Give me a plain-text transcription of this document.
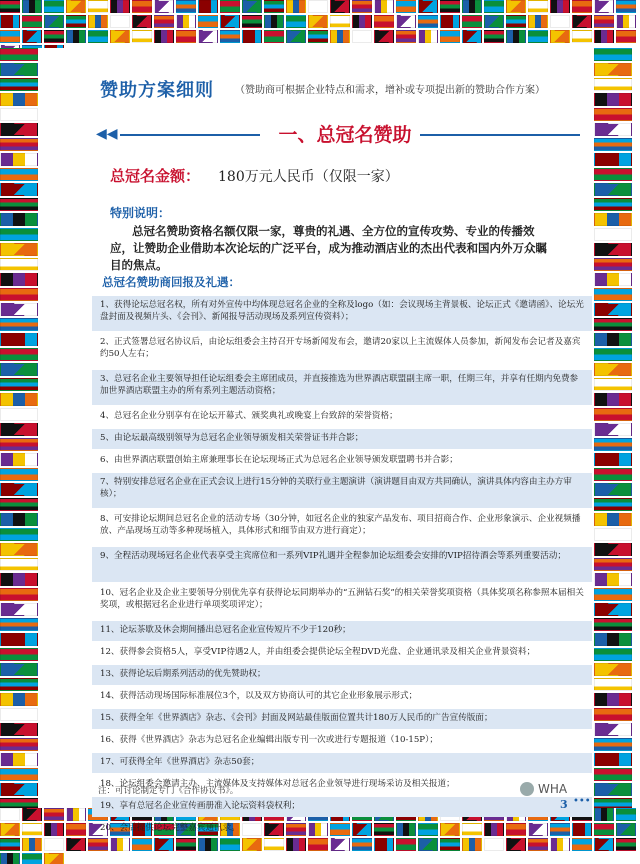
赞助方案细则 （赞助商可根据企业特点和需求，增补或专项提出新的赞助合作方案）
◀◀	一、总冠名赞助
总冠名金额： 180万元人民币（仅限一家）
特别说明：
总冠名赞助资格名额仅限一家，尊贵的礼遇、全方位的宣传攻势、专业的传播效应，让赞助企业借助本次论坛的广泛平台，成为推动酒店业的杰出代表和国内外万众瞩目的焦点。
总冠名赞助商回报及礼遇：
1、获得论坛总冠名权，所有对外宣传中均体现总冠名企业的全称及logo（如：会议现场主背景板、论坛正式《邀请函》、论坛光盘封面及视频片头、《会刊》、新闻报导活动现场及系列宣传资料）；
2、正式签署总冠名协议后，由论坛组委会主持召开专场新闻发布会，邀请20家以上主流媒体人员参加，新闻发布会记者及嘉宾约50人左右；
3、总冠名企业主要领导担任论坛组委会主席团成员，并直接推选为世界酒店联盟副主席一职，任期三年，并享有任期内免费参加世界酒店联盟主办的所有系列主题活动资格；
4、总冠名企业分别享有在论坛开幕式、颁奖典礼或晚宴上台致辞的荣誉资格；
5、由论坛最高级别领导为总冠名企业领导颁发相关荣誉证书并合影；
6、由世界酒店联盟创始主席兼理事长在论坛现场正式为总冠名企业领导颁发联盟聘书并合影；
7、特别安排总冠名企业在正式会议上进行15分钟的关联行业主题演讲（演讲题目由双方共同确认，演讲具体内容由主办方审核）；
8、可安排论坛期间总冠名企业的活动专场（30分钟，如冠名企业的独家产品发布、项目招商合作、企业形象演示、企业视频播放、产品现场互动等多种现场植入，具体形式和细节由双方进行商定）；
9、全程活动现场冠名企业代表享受主宾席位和一系列VIP礼遇并全程参加论坛组委会安排的VIP招待酒会等系列重要活动；
10、冠名企业及企业主要领导分别优先享有获得论坛同期举办的“五洲钻石奖”的相关荣誉奖项资格（具体奖项名称参照本届相关奖项，或根据冠名企业进行单项奖项评定）；
11、论坛茶歇及休会期间播出总冠名企业宣传短片不少于120秒；
12、获得参会资格5人，享受VIP待遇2人，并由组委会提供论坛全程DVD光盘、企业通讯录及相关企业背景资料；
13、获得论坛后期系列活动的优先赞助权；
14、获得活动现场国际标准展位3个，以及双方协商认可的其它企业形象展示形式；
15、获得全年《世界酒店》杂志、《会刊》封面及网站最佳版面位置共计180万人民币的广告宣传版面；
16、获得《世界酒店》杂志为总冠名企业编辑出版专刊一次或进行专题报道（10-15P）；
17、可获得全年《世界酒店》杂志50套；
18、论坛组委会邀请主办、主流媒体及支持媒体对总冠名企业领导进行现场采访及相关报道；
19、享有总冠名企业宣传画册准入论坛资料袋权利；
20、会后提供论坛完整嘉宾通讯录。
注：可讨论制定专门《合作协议书》。
3 •••
WHA
